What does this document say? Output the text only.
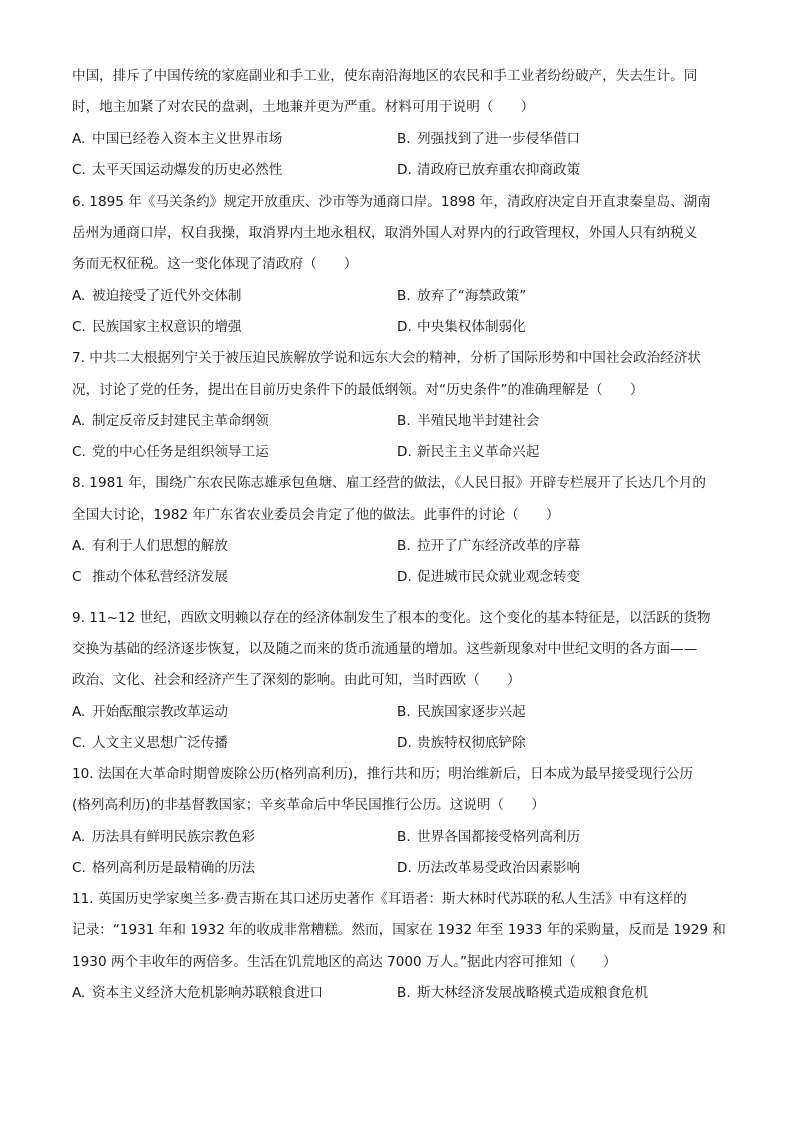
中国，排斥了中国传统的家庭副业和手工业，使东南沿海地区的农民和手工业者纷纷破产，失去生计。同
时，地主加紧了对农民的盘剥，土地兼并更为严重。材料可用于说明（　　）
A. 中国已经卷入资本主义世界市场	B. 列强找到了进一步侵华借口
C. 太平天国运动爆发的历史必然性	D. 清政府已放弃重农抑商政策
6. 1895 年《马关条约》规定开放重庆、沙市等为通商口岸。1898 年，清政府决定自开直隶秦皇岛、湖南
岳州为通商口岸，权自我操，取消界内土地永租权，取消外国人对界内的行政管理权，外国人只有纳税义
务而无权征税。这一变化体现了清政府（　　）
A. 被迫接受了近代外交体制	B. 放弃了“海禁政策”
C. 民族国家主权意识的增强	D. 中央集权体制弱化
7. 中共二大根据列宁关于被压迫民族解放学说和远东大会的精神，分析了国际形势和中国社会政治经济状
况，讨论了党的任务，提出在目前历史条件下的最低纲领。对“历史条件”的准确理解是（　　）
A. 制定反帝反封建民主革命纲领	B. 半殖民地半封建社会
C. 党的中心任务是组织领导工运	D. 新民主主义革命兴起
8. 1981 年，围绕广东农民陈志雄承包鱼塘、雇工经营的做法，《人民日报》开辟专栏展开了长达几个月的
全国大讨论，1982 年广东省农业委员会肯定了他的做法。此事件的讨论（　　）
A. 有利于人们思想的解放	B. 拉开了广东经济改革的序幕
C 推动个体私营经济发展	D. 促进城市民众就业观念转变
9. 11~12 世纪，西欧文明赖以存在的经济体制发生了根本的变化。这个变化的基本特征是，以活跃的货物
交换为基础的经济逐步恢复，以及随之而来的货币流通量的增加。这些新现象对中世纪文明的各方面——
政治、文化、社会和经济产生了深刻的影响。由此可知，当时西欧（　　）
A. 开始酝酿宗教改革运动	B. 民族国家逐步兴起
C. 人文主义思想广泛传播	D. 贵族特权彻底铲除
10. 法国在大革命时期曾废除公历(格列高利历)，推行共和历；明治维新后，日本成为最早接受现行公历
(格列高利历)的非基督教国家；辛亥革命后中华民国推行公历。这说明（　　）
A. 历法具有鲜明民族宗教色彩	B. 世界各国都接受格列高利历
C. 格列高利历是最精确的历法	D. 历法改革易受政治因素影响
11. 英国历史学家奥兰多·费吉斯在其口述历史著作《耳语者：斯大林时代苏联的私人生活》中有这样的
记录：“1931 年和 1932 年的收成非常糟糕。然而，国家在 1932 年至 1933 年的采购量，反而是 1929 和
1930 两个丰收年的两倍多。生活在饥荒地区的高达 7000 万人。”据此内容可推知（　　）
A. 资本主义经济大危机影响苏联粮食进口	B. 斯大林经济发展战略模式造成粮食危机
